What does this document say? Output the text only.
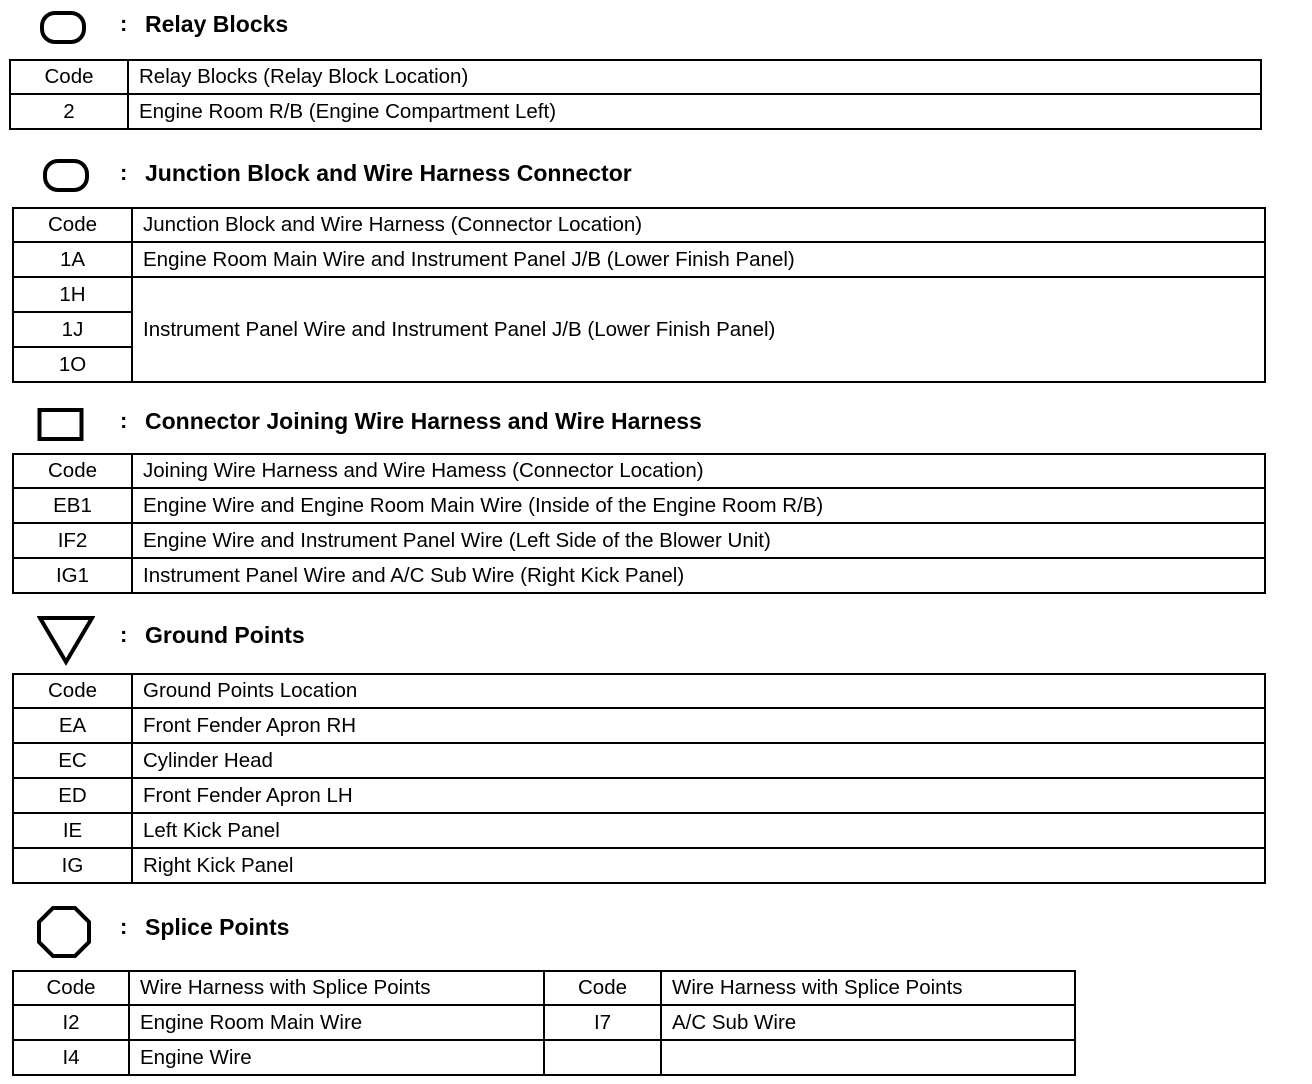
: Relay Blocks
Code	Relay Blocks (Relay Block Location)
2	Engine Room R/B (Engine Compartment Left)
: Junction Block and Wire Harness Connector
Code	Junction Block and Wire Harness (Connector Location)
1A	Engine Room Main Wire and Instrument Panel J/B (Lower Finish Panel)
1H	Instrument Panel Wire and Instrument Panel J/B (Lower Finish Panel)
1J	
1O	
: Connector Joining Wire Harness and Wire Harness
Code	Joining Wire Harness and Wire Hamess (Connector Location)
EB1	Engine Wire and Engine Room Main Wire (Inside of the Engine Room R/B)
IF2	Engine Wire and Instrument Panel Wire (Left Side of the Blower Unit)
IG1	Instrument Panel Wire and A/C Sub Wire (Right Kick Panel)
: Ground Points
Code	Ground Points Location
EA	Front Fender Apron RH
EC	Cylinder Head
ED	Front Fender Apron LH
IE	Left Kick Panel
IG	Right Kick Panel
: Splice Points
Code	Wire Harness with Splice Points	Code	Wire Harness with Splice Points
I2	Engine Room Main Wire	I7	A/C Sub Wire
I4	Engine Wire		
